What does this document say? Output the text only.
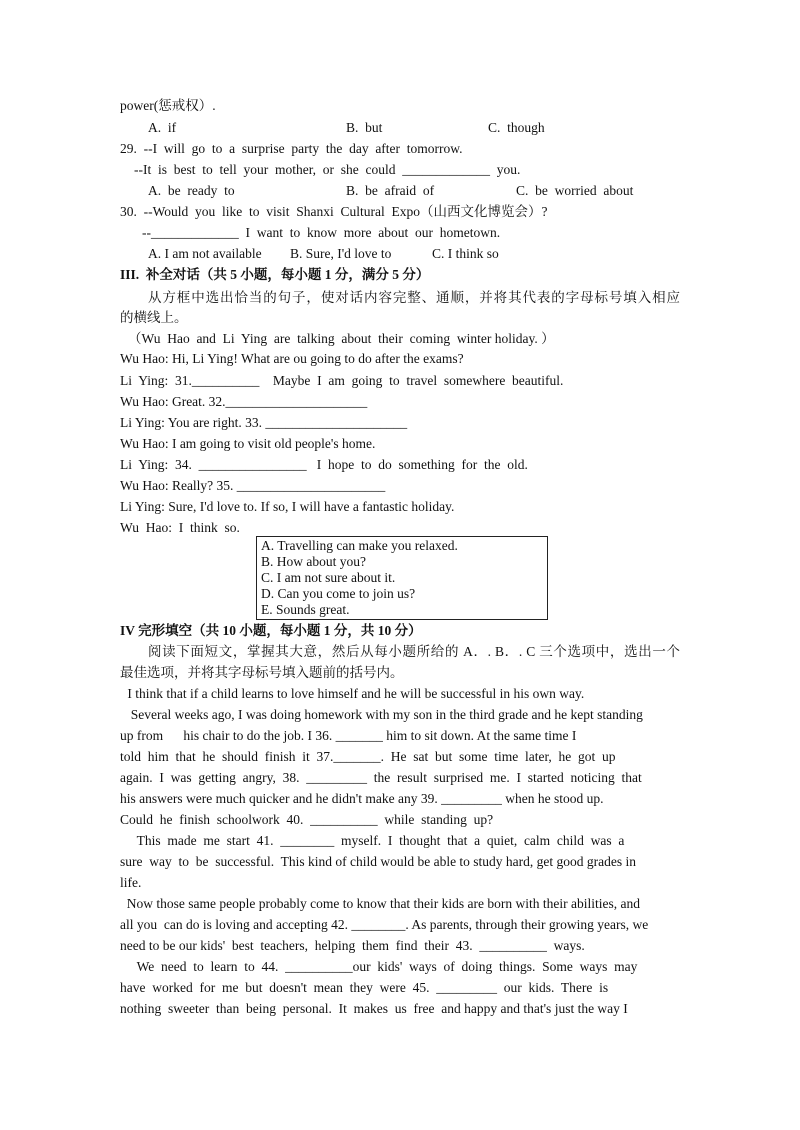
power(惩戒权）.
A.  if	B.  but	C.  though
29.  --I  will  go  to  a  surprise  party  the  day  after  tomorrow.
--It  is  best  to  tell  your  mother,  or  she  could  _____________  you.
A.  be  ready  to	B.  be  afraid  of	C.  be  worried  about
30.  --Would  you  like  to  visit  Shanxi  Cultural  Expo（山西文化博览会）?
--_____________  I  want  to  know  more  about  our  hometown.
A. I am not available B. Sure, I'd love to	C. I think so
III.  补全对话（共 5 小题，每小题 1 分，满分 5 分）
从方框中选出恰当的句子，使对话内容完整、通顺，并将其代表的字母标号填入相应
的横线上。
（Wu  Hao  and  Li  Ying  are  talking  about  their  coming  winter holiday. ）
Wu Hao: Hi, Li Ying! What are ou going to do after the exams?
Li  Ying:  31.__________    Maybe  I  am  going  to  travel  somewhere  beautiful.
Wu Hao: Great. 32._____________________
Li Ying: You are right. 33. _____________________
Wu Hao: I am going to visit old people's home.
Li  Ying:  34.  ________________   I  hope  to  do  something  for  the  old.
Wu Hao: Really? 35. ______________________
Li Ying: Sure, I'd love to. If so, I will have a fantastic holiday.
Wu  Hao:  I  think  so.
A. Travelling can make you relaxed.
B. How about you?
C. I am not sure about it.
D. Can you come to join us?
E. Sounds great.
IV 完形填空（共 10 小题，每小题 1 分，共 10 分）
阅读下面短文，掌握其大意，然后从每小题所给的 A．. B．. C 三个选项中，选出一个
最佳选项，并将其字母标号填入题前的括号内。
I think that if a child learns to love himself and he will be successful in his own way.
Several weeks ago, I was doing homework with my son in the third grade and he kept standing
up from      his chair to do the job. I 36. _______ him to sit down. At the same time I
told  him  that  he  should  finish  it  37._______.  He  sat  but  some  time  later,  he  got  up
again.  I  was  getting  angry,  38.  _________  the  result  surprised  me.  I  started  noticing  that
his answers were much quicker and he didn't make any 39. _________ when he stood up.
Could  he  finish  schoolwork  40.  __________  while  standing  up?
This  made  me  start  41.  ________  myself.  I  thought  that  a  quiet,  calm  child  was  a
sure  way  to  be  successful.  This kind of child would be able to study hard, get good grades in
life.
Now those same people probably come to know that their kids are born with their abilities, and
all you  can do is loving and accepting 42. ________. As parents, through their growing years, we
need to be our kids'  best  teachers,  helping  them  find  their  43.  __________  ways.
We  need  to  learn  to  44.  __________our  kids'  ways  of  doing  things.  Some  ways  may
have  worked  for  me  but  doesn't  mean  they  were  45.  _________  our  kids.  There  is
nothing  sweeter  than  being  personal.  It  makes  us  free  and happy and that's just the way I
